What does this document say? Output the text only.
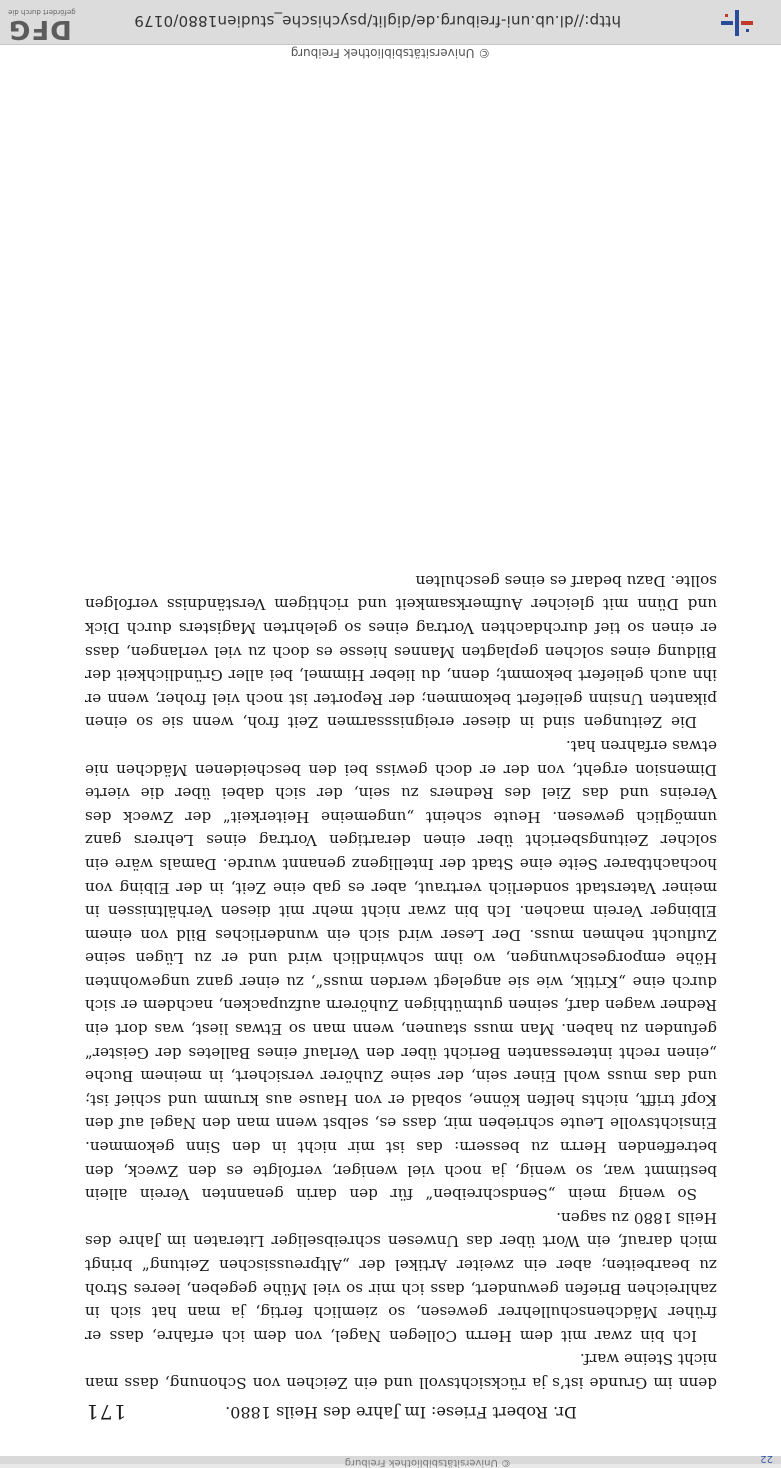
22
© Universitätsbibliothek Freiburg
Dr. Robert Friese: Im Jahre des Heils 1880.
171

denn im Grunde ist’s ja rücksichtsvoll und ein Zeichen von Schonung, dass man nicht Steine warf.

Ich bin zwar mit dem Herrn Collegen Nagel, von dem ich erfahre, dass er früher Mädchenschullehrer gewesen, so ziemlich fertig, ja man hat sich in zahlreichen Briefen gewundert, dass ich mir so viel Mühe gegeben, leeres Stroh zu bearbeiten; aber ein zweiter Artikel der „Altpreussischen Zeitung“ bringt mich darauf, ein Wort über das Unwesen schreibseliger Literaten im Jahre des Heils 1880 zu sagen.

So wenig mein „Sendschreiben“ für den darin genannten Verein allein bestimmt war, so wenig, ja noch viel weniger, verfolgte es den Zweck, den betreffenden Herrn zu bessern: das ist mir nicht in den Sinn gekommen. Einsichtsvolle Leute schrieben mir, dass es, selbst wenn man den Nagel auf den Kopf trifft, nichts helfen könne, sobald er von Hause aus krumm und schief ist; und das muss wohl Einer sein, der seine Zuhörer versichert, in meinem Buche „einen recht interessanten Bericht über den Verlauf eines Balletes der Geister“ gefunden zu haben. Man muss staunen, wenn man so Etwas liest, was dort ein Redner wagen darf, seinen gutmüthigen Zuhörern aufzupacken, nachdem er sich durch eine „Kritik, wie sie angelegt werden muss“, zu einer ganz ungewohnten Höhe emporgeschwungen, wo ihm schwindlich wird und er zu Lügen seine Zuflucht nehmen muss. Der Leser wird sich ein wunderliches Bild von einem Elbinger Verein machen. Ich bin zwar nicht mehr mit diesen Verhältnissen in meiner Vaterstadt sonderlich vertraut, aber es gab eine Zeit, in der Elbing von hochachtbarer Seite eine Stadt der Intelligenz genannt wurde. Damals wäre ein solcher Zeitungsbericht über einen derartigen Vortrag eines Lehrers ganz unmöglich gewesen. Heute scheint „ungemeine Heiterkeit“ der Zweck des Vereins und das Ziel des Redners zu sein, der sich dabei über die vierte Dimension ergeht, von der er doch gewiss bei den bescheidenen Mädchen nie etwas erfahren hat.

Die Zeitungen sind in dieser ereignisssarmen Zeit froh, wenn sie so einen pikanten Unsinn geliefert bekommen; der Reporter ist noch viel froher, wenn er ihn auch geliefert bekommt; denn, du lieber Himmel, bei aller Gründlichkeit der Bildung eines solchen geplagten Mannes hiesse es doch zu viel verlangen, dass er einen so tief durchdachten Vortrag eines so gelehrten Magisters durch Dick und Dünn mit gleicher Aufmerksamkeit und richtigem Verständniss verfolgen sollte. Dazu bedarf es eines geschulten

© Universitätsbibliothek Freiburg
http://dl.ub.uni-freiburg.de/diglit/psychische_studien1880/0179
DFG
gefördert durch die
